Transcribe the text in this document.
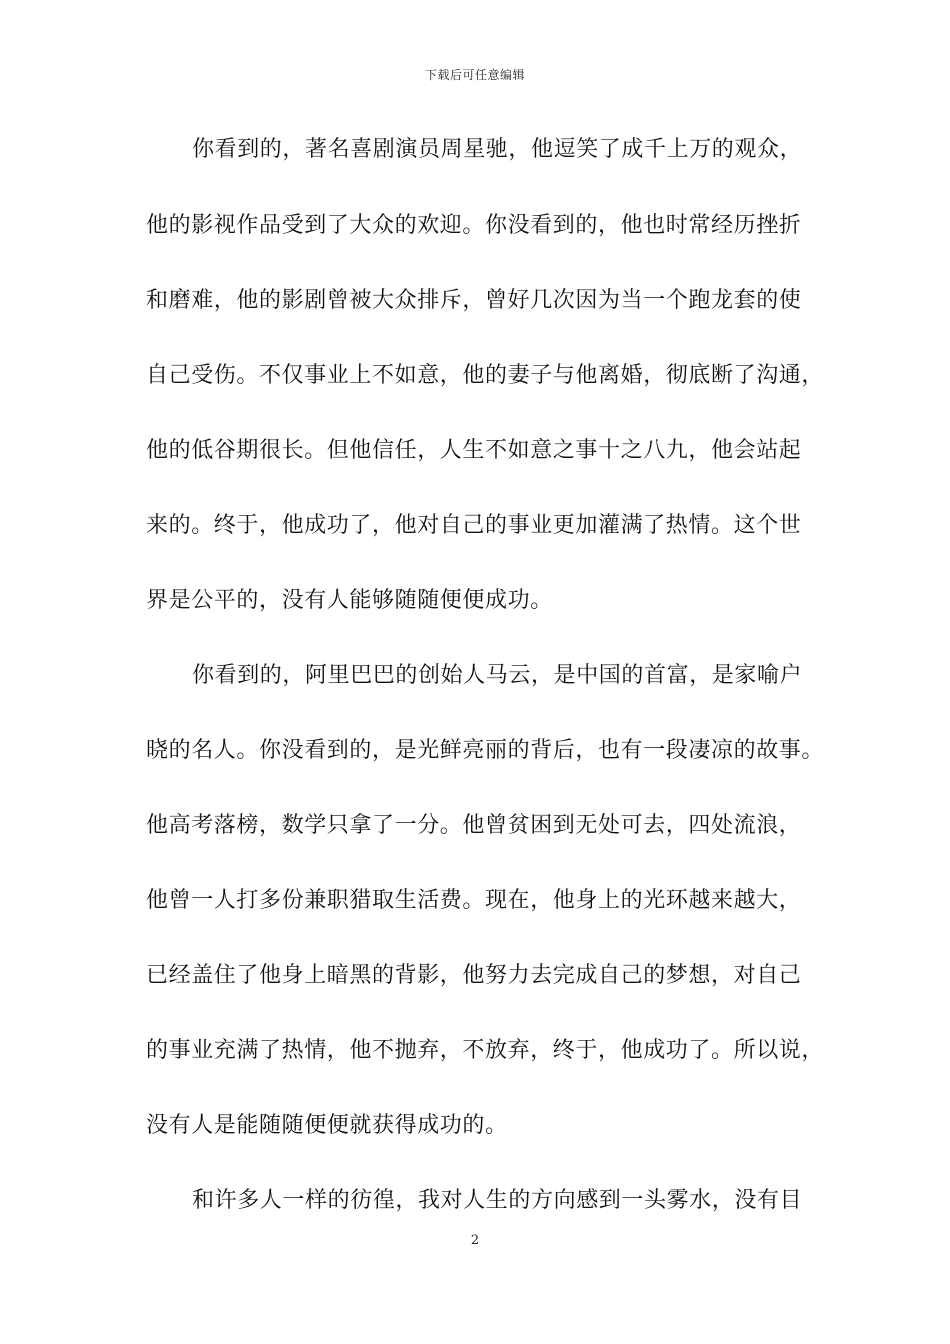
下载后可任意编辑
你看到的，著名喜剧演员周星驰，他逗笑了成千上万的观众，
他的影视作品受到了大众的欢迎。你没看到的，他也时常经历挫折
和磨难，他的影剧曾被大众排斥，曾好几次因为当一个跑龙套的使
自己受伤。不仅事业上不如意，他的妻子与他离婚，彻底断了沟通，
他的低谷期很长。但他信任，人生不如意之事十之八九，他会站起
来的。终于，他成功了，他对自己的事业更加灌满了热情。这个世
界是公平的，没有人能够随随便便成功。
你看到的，阿里巴巴的创始人马云，是中国的首富，是家喻户
晓的名人。你没看到的，是光鲜亮丽的背后，也有一段凄凉的故事。
他高考落榜，数学只拿了一分。他曾贫困到无处可去，四处流浪，
他曾一人打多份兼职猎取生活费。现在，他身上的光环越来越大，
已经盖住了他身上暗黑的背影，他努力去完成自己的梦想，对自己
的事业充满了热情，他不抛弃，不放弃，终于，他成功了。所以说，
没有人是能随随便便就获得成功的。
和许多人一样的彷徨，我对人生的方向感到一头雾水，没有目
2
